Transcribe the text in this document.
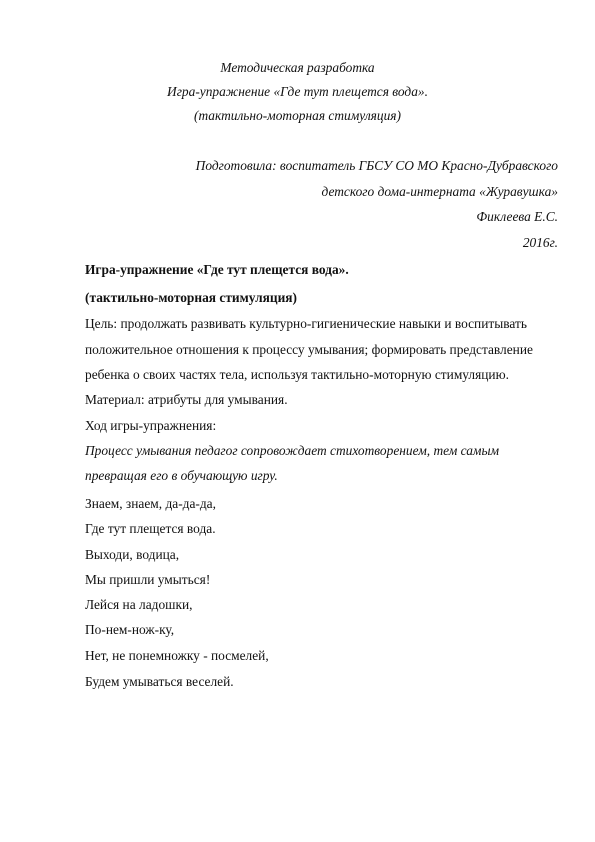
Методическая разработка
Игра-упражнение «Где тут плещется вода».
(тактильно-моторная стимуляция)
Подготовила: воспитатель ГБСУ СО МО Красно-Дубравского
детского дома-интерната «Журавушка»
Фиклеева Е.С.
2016г.
Игра-упражнение «Где тут плещется вода».
(тактильно-моторная стимуляция)
Цель: продолжать развивать культурно-гигиенические навыки и воспитывать
положительное отношения к процессу умывания; формировать представление
ребенка о своих частях тела, используя тактильно-моторную стимуляцию.
Материал: атрибуты для умывания.
Ход игры-упражнения:
Процесс умывания педагог сопровождает стихотворением, тем самым
превращая его в обучающую игру.
Знаем, знаем, да-да-да,
Где тут плещется вода.
Выходи, водица,
Мы пришли умыться!
Лейся на ладошки,
По-нем-нож-ку,
Нет, не понемножку - посмелей,
Будем умываться веселей.
